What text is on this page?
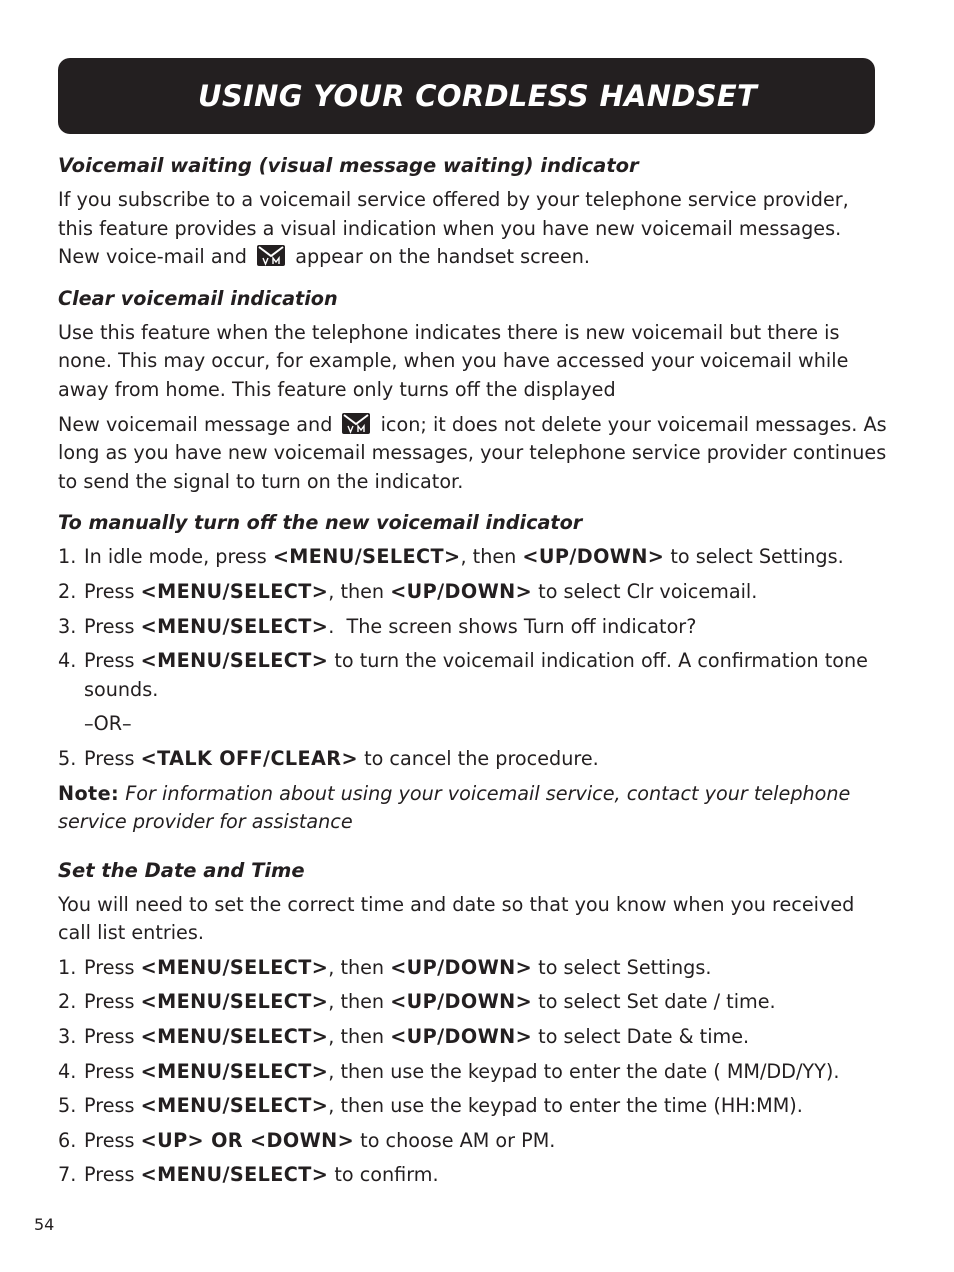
USING YOUR CORDLESS HANDSET
Voicemail waiting (visual message waiting) indicator

If you subscribe to a voicemail service offered by your telephone service provider, this feature provides a visual indication when you have new voicemail messages. New voice-mail and	appear on the handset screen.

Clear voicemail indication

Use this feature when the telephone indicates there is new voicemail but there is none. This may occur, for example, when you have accessed your voicemail while away from home. This feature only turns off the displayed

New voicemail message and	icon; it does not delete your voicemail messages. As long as you have new voicemail messages, your telephone service provider continues to send the signal to turn on the indicator.

To manually turn off the new voicemail indicator
1. In idle mode, press <MENU/SELECT>, then <UP/DOWN> to select Settings.
2. Press <MENU/SELECT>, then <UP/DOWN> to select Clr voicemail.
3. Press <MENU/SELECT>.  The screen shows Turn off indicator?
4. Press <MENU/SELECT> to turn the voicemail indication off. A confirmation tone sounds.
–OR–
5. Press <TALK OFF/CLEAR> to cancel the procedure.

Note: For information about using your voicemail service, contact your telephone service provider for assistance

Set the Date and Time

You will need to set the correct time and date so that you know when you received call list entries.

1. Press <MENU/SELECT>, then <UP/DOWN> to select Settings.
2. Press <MENU/SELECT>, then <UP/DOWN> to select Set date / time.
3. Press <MENU/SELECT>, then <UP/DOWN> to select Date & time.
4. Press <MENU/SELECT>, then use the keypad to enter the date ( MM/DD/YY).
5. Press <MENU/SELECT>, then use the keypad to enter the time (HH:MM).
6. Press <UP> OR <DOWN> to choose AM or PM.
7. Press <MENU/SELECT> to confirm.
54
